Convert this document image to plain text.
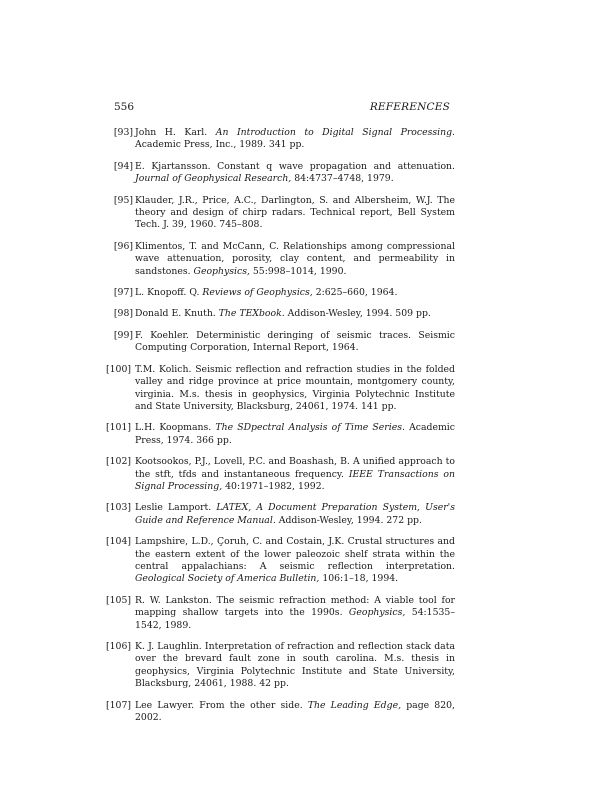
556	REFERENCES
[93] John H. Karl. An Introduction to Digital Signal Processing. Academic Press, Inc., 1989. 341 pp.
[94] E. Kjartansson. Constant q wave propagation and attenuation. Journal of Geophysical Research, 84:4737–4748, 1979.
[95] Klauder, J.R., Price, A.C., Darlington, S. and Albersheim, W.J. The theory and design of chirp radars. Technical report, Bell System Tech. J. 39, 1960. 745–808.
[96] Klimentos, T. and McCann, C. Relationships among compressional wave attenuation, porosity, clay content, and permeability in sandstones. Geophysics, 55:998–1014, 1990.
[97] L. Knopoff. Q. Reviews of Geophysics, 2:625–660, 1964.
[98] Donald E. Knuth. The TEXbook. Addison-Wesley, 1994. 509 pp.
[99] F. Koehler. Deterministic deringing of seismic traces. Seismic Computing Corporation, Internal Report, 1964.
[100] T.M. Kolich. Seismic reflection and refraction studies in the folded valley and ridge province at price mountain, montgomery county, virginia. M.s. thesis in geophysics, Virginia Polytechnic Institute and State University, Blacksburg, 24061, 1974. 141 pp.
[101] L.H. Koopmans. The SDpectral Analysis of Time Series. Academic Press, 1974. 366 pp.
[102] Kootsookos, P.J., Lovell, P.C. and Boashash, B. A unified approach to the stft, tfds and instantaneous frequency. IEEE Transactions on Signal Processing, 40:1971–1982, 1992.
[103] Leslie Lamport. LATEX, A Document Preparation System, User's Guide and Reference Manual. Addison-Wesley, 1994. 272 pp.
[104] Lampshire, L.D., Çoruh, C. and Costain, J.K. Crustal structures and the eastern extent of the lower paleozoic shelf strata within the central appalachians: A seismic reflection interpretation. Geological Society of America Bulletin, 106:1–18, 1994.
[105] R. W. Lankston. The seismic refraction method: A viable tool for mapping shallow targets into the 1990s. Geophysics, 54:1535–1542, 1989.
[106] K. J. Laughlin. Interpretation of refraction and reflection stack data over the brevard fault zone in south carolina. M.s. thesis in geophysics, Virginia Polytechnic Institute and State University, Blacksburg, 24061, 1988. 42 pp.
[107] Lee Lawyer. From the other side. The Leading Edge, page 820, 2002.
